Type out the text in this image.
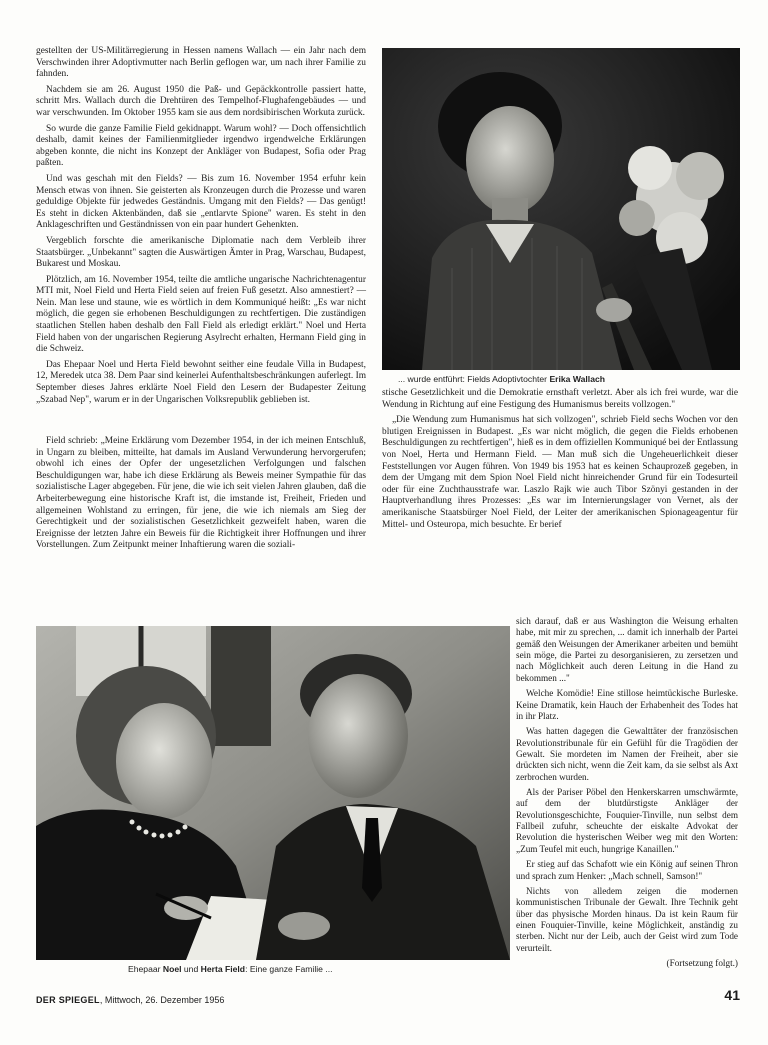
gestellten der US-Militärregierung in Hessen namens Wallach — ein Jahr nach dem Verschwinden ihrer Adoptivmutter nach Berlin geflogen war, um nach ihrer Familie zu fahnden.

Nachdem sie am 26. August 1950 die Paß- und Gepäckkontrolle passiert hatte, schritt Mrs. Wallach durch die Drehtüren des Tempelhof-Flughafengebäudes — und war verschwunden. Im Oktober 1955 kam sie aus dem nordsibirischen Workuta zurück.

So wurde die ganze Familie Field gekidnappt. Warum wohl? — Doch offensichtlich deshalb, damit keines der Familienmitglieder irgendwo irgendwelche Erklärungen abgeben konnte, die nicht ins Konzept der Ankläger von Budapest, Sofia oder Prag paßten.

Und was geschah mit den Fields? — Bis zum 16. November 1954 erfuhr kein Mensch etwas von ihnen. Sie geisterten als Kronzeugen durch die Prozesse und waren geduldige Objekte für jedwedes Geständnis. Umgang mit den Fields? — Das genügt! Es steht in dicken Aktenbänden, daß sie „entlarvte Spione" waren. Es steht in den Anklageschriften und Geständnissen von ein paar hundert Gehenkten.

Vergeblich forschte die amerikanische Diplomatie nach dem Verbleib ihrer Staatsbürger. „Unbekannt" sagten die Auswärtigen Ämter in Prag, Warschau, Budapest, Bukarest und Moskau.

Plötzlich, am 16. November 1954, teilte die amtliche ungarische Nachrichtenagentur MTI mit, Noel Field und Herta Field seien auf freien Fuß gesetzt. Also amnestiert? — Nein. Man lese und staune, wie es wörtlich in dem Kommuniqué heißt: „Es war nicht möglich, die gegen sie erhobenen Beschuldigungen zu rechtfertigen. Die zuständigen staatlichen Stellen haben deshalb den Fall Field als erledigt erklärt." Noel und Herta Field haben von der ungarischen Regierung Asylrecht erhalten, Hermann Field ging in die Schweiz.

Das Ehepaar Noel und Herta Field bewohnt seither eine feudale Villa in Budapest, 12, Meredek utca 38. Dem Paar sind keinerlei Aufenthaltsbeschränkungen auferlegt. Im September dieses Jahres erklärte Noel Field den Lesern der Budapester Zeitung „Szabad Nep", warum er in der Ungarischen Volksrepublik geblieben ist.

Field schrieb: „Meine Erklärung vom Dezember 1954, in der ich meinen Entschluß, in Ungarn zu bleiben, mitteilte, hat damals im Ausland Verwunderung hervorgerufen; obwohl ich eines der Opfer der ungesetzlichen Verfolgungen und falschen Beschuldigungen war, habe ich diese Erklärung als Beweis meiner Sympathie für das sozialistische Lager abgegeben. Für jene, die wie ich seit vielen Jahren glauben, daß die Arbeiterbewegung eine historische Kraft ist, die imstande ist, Freiheit, Frieden und allgemeinen Wohlstand zu erringen, für jene, die wie ich niemals am Sieg der Gerechtigkeit und der sozialistischen Gesetzlichkeit gezweifelt haben, waren die Ereignisse der letzten Jahre ein Beweis für die Richtigkeit ihrer Hoffnungen und ihrer Vorstellungen. Zum Zeitpunkt meiner Inhaftierung waren die soziali-

... wurde entführt: Fields Adoptivtochter Erika Wallach

stische Gesetzlichkeit und die Demokratie ernsthaft verletzt. Aber als ich frei wurde, war die Wendung in Richtung auf eine Festigung des Humanismus bereits vollzogen."

„Die Wendung zum Humanismus hat sich vollzogen", schrieb Field sechs Wochen vor den blutigen Ereignissen in Budapest. „Es war nicht möglich, die gegen die Fields erhobenen Beschuldigungen zu rechtfertigen", hieß es in dem offiziellen Kommuniqué bei der Entlassung von Noel, Herta und Hermann Field. — Man muß sich die Ungeheuerlichkeit dieser Feststellungen vor Augen führen. Von 1949 bis 1953 hat es keinen Schauprozeß gegeben, in dem der Umgang mit dem Spion Noel Field nicht hinreichender Grund für ein Todesurteil oder für eine Zuchthausstrafe war. Laszlo Rajk wie auch Tibor Szönyi gestanden in der Hauptverhandlung ihres Prozesses: „Es war im Internierungslager von Vernet, als der amerikanische Staatsbürger Noel Field, der Leiter der amerikanischen Spionageagentur für Mittel- und Osteuropa, mich besuchte. Er berief

Ehepaar Noel und Herta Field: Eine ganze Familie ...

sich darauf, daß er aus Washington die Weisung erhalten habe, mit mir zu sprechen, ... damit ich innerhalb der Partei gemäß den Weisungen der Amerikaner arbeiten und bemüht sein möge, die Partei zu desorganisieren, zu zersetzen und nach Möglichkeit auch deren Leitung in die Hand zu bekommen ..."

Welche Komödie! Eine stillose heimtückische Burleske. Keine Dramatik, kein Hauch der Erhabenheit des Todes hat in ihr Platz.

Was hatten dagegen die Gewalttäter der französischen Revolutionstribunale für ein Gefühl für die Tragödien der Gewalt. Sie mordeten im Namen der Freiheit, aber sie drückten sich nicht, wenn die Zeit kam, da sie selbst als Axt zerbrochen wurden.

Als der Pariser Pöbel den Henkerskarren umschwärmte, auf dem der blutdürstigste Ankläger der Revolutionsgeschichte, Fouquier-Tinville, nun selbst dem Fallbeil zufuhr, scheuchte der eiskalte Advokat der Revolution die hysterischen Weiber weg mit den Worten: „Zum Teufel mit euch, hungrige Kanaillen."

Er stieg auf das Schafott wie ein König auf seinen Thron und sprach zum Henker: „Mach schnell, Samson!"

Nichts von alledem zeigen die modernen kommunistischen Tribunale der Gewalt. Ihre Technik geht über das physische Morden hinaus. Da ist kein Raum für einen Fouquier-Tinville, keine Möglichkeit, anständig zu sterben. Nicht nur der Leib, auch der Geist wird zum Tode verurteilt.

(Fortsetzung folgt.)
DER SPIEGEL, Mittwoch, 26. Dezember 1956	41
